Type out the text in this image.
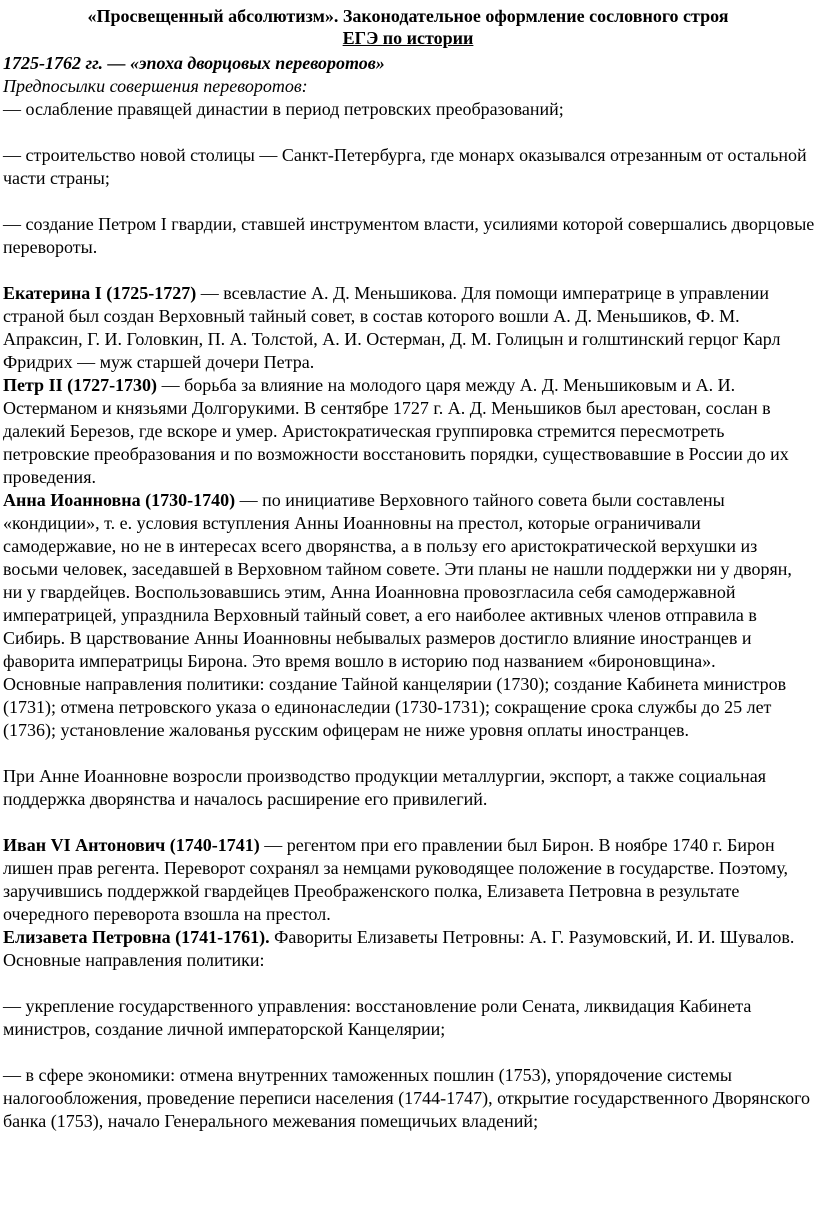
«Просвещенный абсолютизм». Законодательное оформление сословного строя

ЕГЭ по истории

1725-1762 гг. — «эпоха дворцовых переворотов»

Предпосылки совершения переворотов:

— ослабление правящей династии в период петровских преобразований;

— строительство новой столицы — Санкт-Петербурга, где монарх оказывался отрезанным от остальной части страны;

— создание Петром I гвардии, ставшей инструментом власти, усилиями которой совершались дворцовые перевороты.

Екатерина I (1725-1727) — всевластие А. Д. Меньшикова. Для помощи императрице в управлении страной был создан Верховный тайный совет, в состав которого вошли А. Д. Меньшиков, Ф. М. Апраксин, Г. И. Головкин, П. А. Толстой, А. И. Остерман, Д. М. Голицын и голштинский герцог Карл Фридрих — муж старшей дочери Петра.

Петр II (1727-1730) — борьба за влияние на молодого царя между А. Д. Меньшиковым и А. И. Остерманом и князьями Долгорукими. В сентябре 1727 г. А. Д. Меньшиков был арестован, сослан в далекий Березов, где вскоре и умер. Аристократическая группировка стремится пересмотреть петровские преобразования и по возможности восстановить порядки, существовавшие в России до их проведения.

Анна Иоанновна (1730-1740) — по инициативе Верховного тайного совета были составлены «кондиции», т. е. условия вступления Анны Иоанновны на престол, которые ограничивали самодержавие, но не в интересах всего дворянства, а в пользу его аристократической верхушки из восьми человек, заседавшей в Верховном тайном совете. Эти планы не нашли поддержки ни у дворян, ни у гвардейцев. Воспользовавшись этим, Анна Иоанновна провозгласила себя самодержавной императрицей, упразднила Верховный тайный совет, а его наиболее активных членов отправила в Сибирь. В царствование Анны Иоанновны небывалых размеров достигло влияние иностранцев и фаворита императрицы Бирона. Это время вошло в историю под названием «бироновщина».

Основные направления политики: создание Тайной канцелярии (1730); создание Кабинета министров (1731); отмена петровского указа о единонаследии (1730-1731); сокращение срока службы до 25 лет (1736); установление жалованья русским офицерам не ниже уровня оплаты иностранцев.

При Анне Иоанновне возросли производство продукции металлургии, экспорт, а также социальная поддержка дворянства и началось расширение его привилегий.

Иван VI Антонович (1740-1741) — регентом при его правлении был Бирон. В ноябре 1740 г. Бирон лишен прав регента. Переворот сохранял за немцами руководящее положение в государстве. Поэтому, заручившись поддержкой гвардейцев Преображенского полка, Елизавета Петровна в результате очередного переворота взошла на престол.

Елизавета Петровна (1741-1761). Фавориты Елизаветы Петровны: А. Г. Разумовский, И. И. Шувалов.

Основные направления политики:

— укрепление государственного управления: восстановление роли Сената, ликвидация Кабинета министров, создание личной императорской Канцелярии;

— в сфере экономики: отмена внутренних таможенных пошлин (1753), упорядочение системы налогообложения, проведение переписи населения (1744-1747), открытие государственного Дворянского банка (1753), начало Генерального межевания помещичьих владений;
